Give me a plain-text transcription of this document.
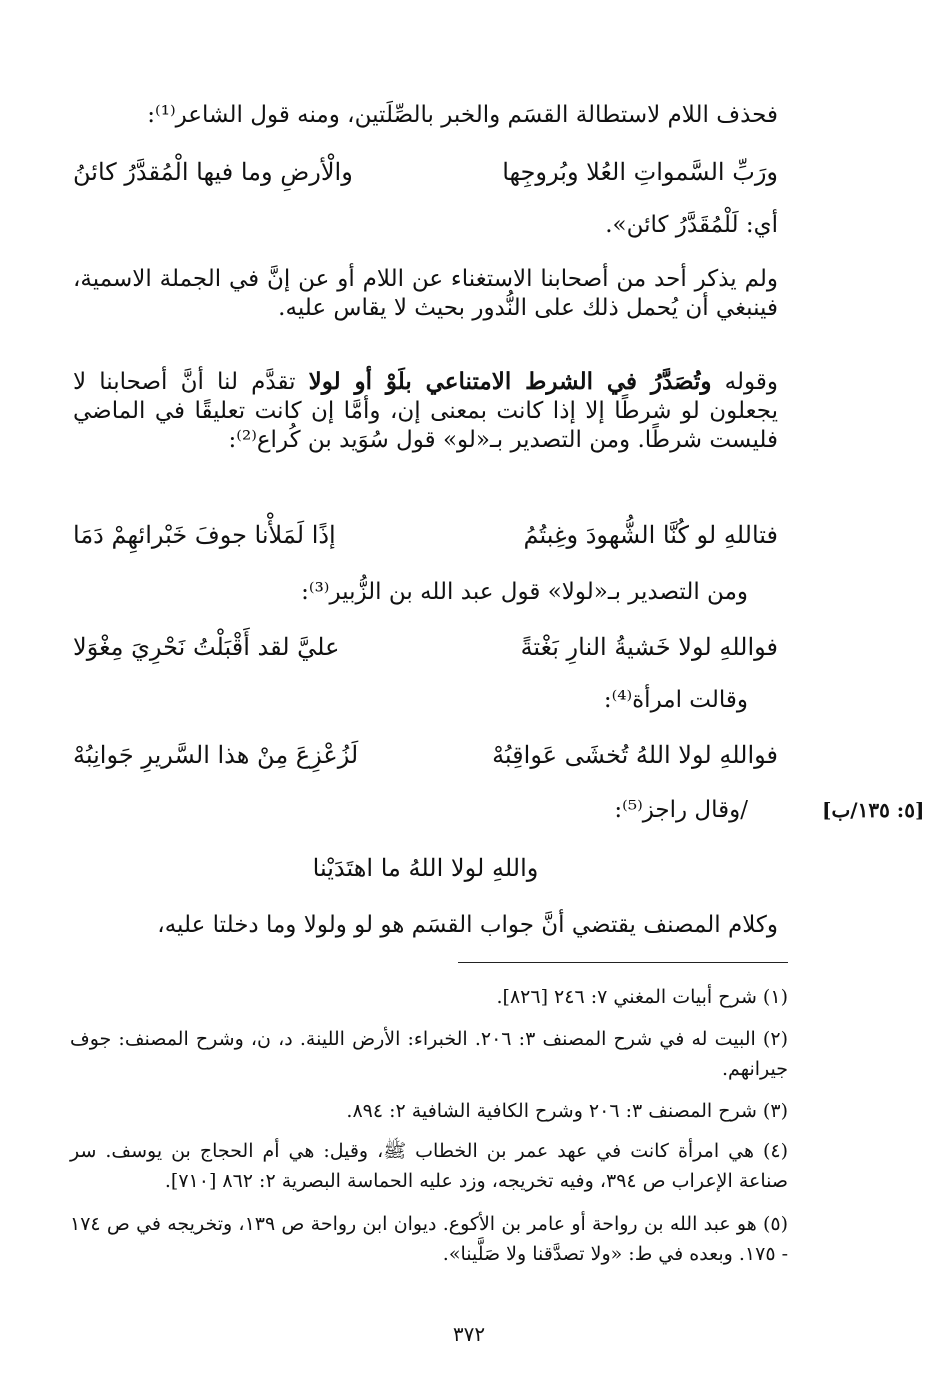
فحذف اللام لاستطالة القسَم والخبر بالصِّلَتين، ومنه قول الشاعر⁽¹⁾:
ورَبِّ السَّمواتِ العُلا وبُروجِها
والْأرضِ وما فيها الْمُقدَّرُ كائنُ
أي: لَلْمُقَدَّرُ كائن».
ولم يذكر أحد من أصحابنا الاستغناء عن اللام أو عن إنَّ في الجملة الاسمية، فينبغي أن يُحمل ذلك على النُّدور بحيث لا يقاس عليه.
وقوله وتُصَدَّرُ في الشرط الامتناعي بلَوْ أو لولا تقدَّم لنا أنَّ أصحابنا لا يجعلون لو شرطًا إلا إذا كانت بمعنى إن، وأمَّا إن كانت تعليقًا في الماضي فليست شرطًا. ومن التصدير بـ«لو» قول سُوَيد بن كُراع⁽²⁾:
فتاللهِ لو كُنَّا الشُّهودَ وغِبتُمُ
إذًا لَمَلأْنا جوفَ خَبْرائهِمْ دَمَا
ومن التصدير بـ«لولا» قول عبد الله بن الزُّبير⁽³⁾:
فواللهِ لولا خَشيةُ النارِ بَغْتةً
عليَّ لقد أَقْبَلْتُ نَحْرِيَ مِغْوَلا
وقالت امرأة⁽⁴⁾:
فواللهِ لولا اللهُ تُخشَى عَواقِبُهْ
لَزُعْزِعَ مِنْ هذا السَّريرِ جَوانِبُهْ
/وقال راجز⁽⁵⁾:	[٥: ١٣٥/ب]
واللهِ لولا اللهُ ما اهتَدَيْنا
وكلام المصنف يقتضي أنَّ جواب القسَم هو لو ولولا وما دخلتا عليه،
(١) شرح أبيات المغني ٧: ٢٤٦ [٨٢٦].
(٢) البيت له في شرح المصنف ٣: ٢٠٦. الخبراء: الأرض اللينة. د، ن، وشرح المصنف: جوف جيرانهم.
(٣) شرح المصنف ٣: ٢٠٦ وشرح الكافية الشافية ٢: ٨٩٤.
(٤) هي امرأة كانت في عهد عمر بن الخطاب ﷺ، وقيل: هي أم الحجاج بن يوسف. سر صناعة الإعراب ص ٣٩٤، وفيه تخريجه، وزد عليه الحماسة البصرية ٢: ٨٦٢ [٧١٠].
(٥) هو عبد الله بن رواحة أو عامر بن الأكوع. ديوان ابن رواحة ص ١٣٩، وتخريجه في ص ١٧٤ - ١٧٥. وبعده في ط: «ولا تصدَّقنا ولا صَلَّينا».
٣٧٢
